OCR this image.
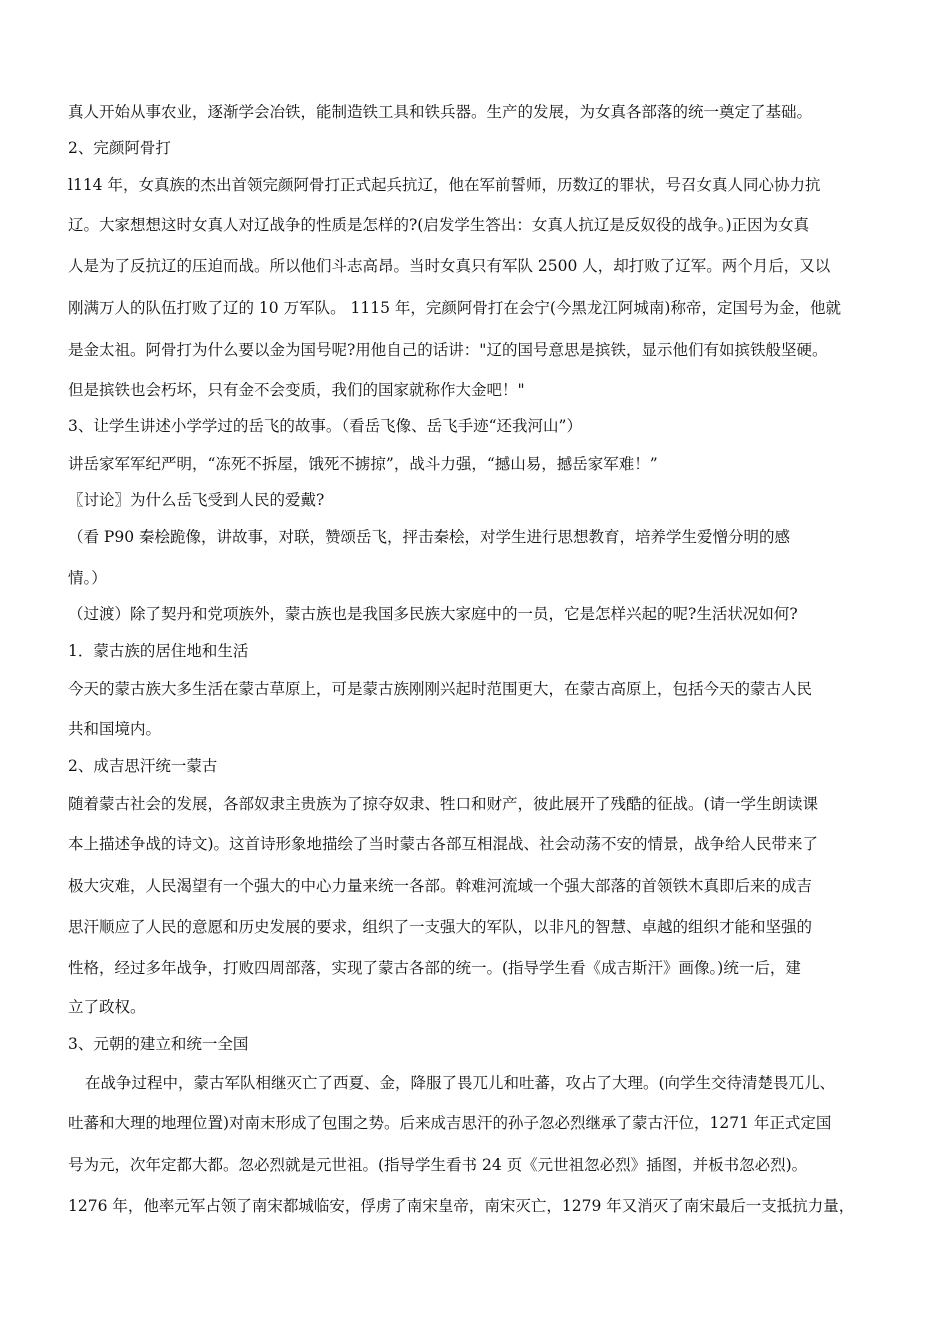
真人开始从事农业，逐渐学会冶铁，能制造铁工具和铁兵器。生产的发展，为女真各部落的统一奠定了基础。
2、完颜阿骨打
l114 年，女真族的杰出首领完颜阿骨打正式起兵抗辽，他在军前誓师，历数辽的罪状，号召女真人同心协力抗
辽。大家想想这时女真人对辽战争的性质是怎样的?(启发学生答出：女真人抗辽是反奴役的战争。)正因为女真
人是为了反抗辽的压迫而战。所以他们斗志高昂。当时女真只有军队 2500 人，却打败了辽军。两个月后，又以
刚满万人的队伍打败了辽的 10 万军队。 1115 年，完颜阿骨打在会宁(今黑龙江阿城南)称帝，定国号为金，他就
是金太祖。阿骨打为什么要以金为国号呢?用他自己的话讲："辽的国号意思是摈铁，显示他们有如摈铁般坚硬。
但是摈铁也会朽坏，只有金不会变质，我们的国家就称作大金吧！"
3、让学生讲述小学学过的岳飞的故事。（看岳飞像、岳飞手迹“还我河山”）
讲岳家军军纪严明，“冻死不拆屋，饿死不掳掠”，战斗力强，“撼山易，撼岳家军难！”
〖讨论〗为什么岳飞受到人民的爱戴?
（看 P90 秦桧跪像，讲故事，对联，赞颂岳飞，抨击秦桧，对学生进行思想教育，培养学生爱憎分明的感
情。）
（过渡）除了契丹和党项族外，蒙古族也是我国多民族大家庭中的一员，它是怎样兴起的呢?生活状况如何?
1．蒙古族的居住地和生活
今天的蒙古族大多生活在蒙古草原上，可是蒙古族刚刚兴起时范围更大，在蒙古高原上，包括今天的蒙古人民
共和国境内。
2、成吉思汗统一蒙古
随着蒙古社会的发展，各部奴隶主贵族为了掠夺奴隶、牲口和财产，彼此展开了残酷的征战。(请一学生朗读课
本上描述争战的诗文)。这首诗形象地描绘了当时蒙古各部互相混战、社会动荡不安的情景，战争给人民带来了
极大灾难，人民渴望有一个强大的中心力量来统一各部。斡难河流域一个强大部落的首领铁木真即后来的成吉
思汗顺应了人民的意愿和历史发展的要求，组织了一支强大的军队，以非凡的智慧、卓越的组织才能和坚强的
性格，经过多年战争，打败四周部落，实现了蒙古各部的统一。(指导学生看《成吉斯汗》画像。)统一后，建
立了政权。
3、元朝的建立和统一全国
在战争过程中，蒙古军队相继灭亡了西夏、金，降服了畏兀儿和吐蕃，攻占了大理。(向学生交待清楚畏兀儿、
吐蕃和大理的地理位置)对南末形成了包围之势。后来成吉思汗的孙子忽必烈继承了蒙古汗位，1271 年正式定国
号为元，次年定都大都。忽必烈就是元世祖。(指导学生看书 24 页《元世祖忽必烈》插图，并板书忽必烈)。
1276 年，他率元军占领了南宋都城临安，俘虏了南宋皇帝，南宋灭亡，1279 年又消灭了南宋最后一支抵抗力量，
